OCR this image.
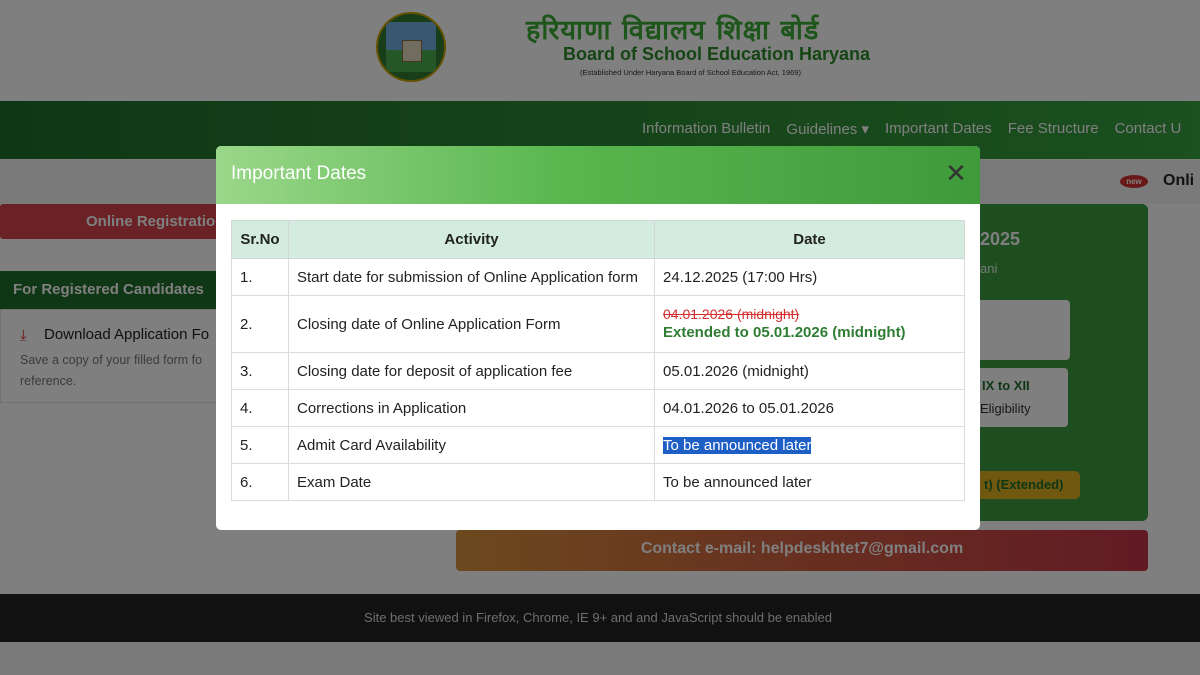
Important Dates	✕
Sr.No	Activity	Date
1.	Start date for submission of Online Application form	24.12.2025 (17:00 Hrs)
2.	Closing date of Online Application Form	04.01.2026 (midnight)
Extended to 05.01.2026 (midnight)

3.	Closing date for deposit of application fee	05.01.2026 (midnight)
4.	Corrections in Application	04.01.2026 to 05.01.2026
5.	Admit Card Availability	To be announced later
6.	Exam Date	To be announced later
